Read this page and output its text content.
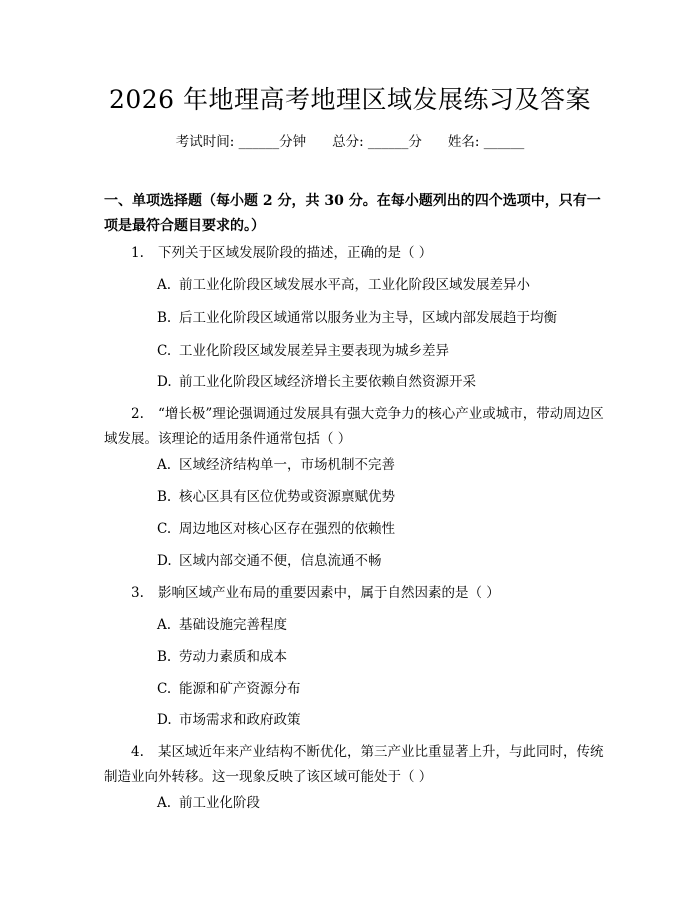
2026 年地理高考地理区域发展练习及答案
考试时间: ______分钟 总分: ______分 姓名: ______
一、单项选择题（每小题 2 分，共 30 分。在每小题列出的四个选项中，只有一项是最符合题目要求的。）
1. 下列关于区域发展阶段的描述，正确的是（ ）
A. 前工业化阶段区域发展水平高，工业化阶段区域发展差异小
B. 后工业化阶段区域通常以服务业为主导，区域内部发展趋于均衡
C. 工业化阶段区域发展差异主要表现为城乡差异
D. 前工业化阶段区域经济增长主要依赖自然资源开采
2. “增长极”理论强调通过发展具有强大竞争力的核心产业或城市，带动周边区域发展。该理论的适用条件通常包括（ ）
A. 区域经济结构单一，市场机制不完善
B. 核心区具有区位优势或资源禀赋优势
C. 周边地区对核心区存在强烈的依赖性
D. 区域内部交通不便，信息流通不畅
3. 影响区域产业布局的重要因素中，属于自然因素的是（ ）
A. 基础设施完善程度
B. 劳动力素质和成本
C. 能源和矿产资源分布
D. 市场需求和政府政策
4. 某区域近年来产业结构不断优化，第三产业比重显著上升，与此同时，传统制造业向外转移。这一现象反映了该区域可能处于（ ）
A. 前工业化阶段
